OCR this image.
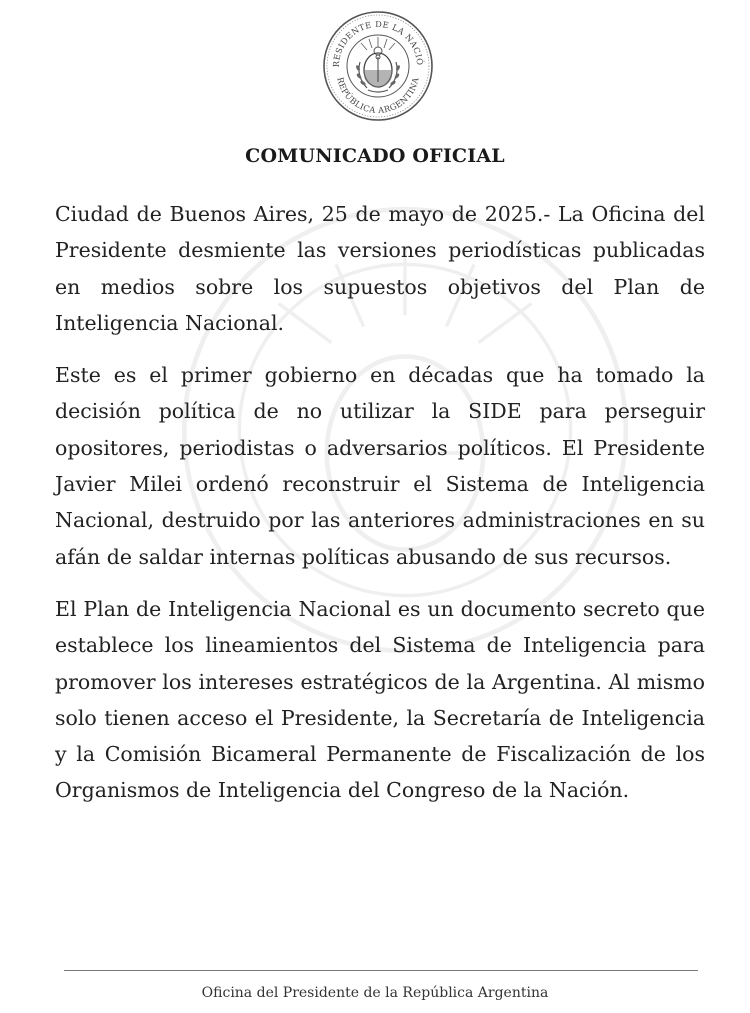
RESIDENTE DE LA NACIÓ
REPÚBLICA ARGENTINA
COMUNICADO OFICIAL

Ciudad de Buenos Aires, 25 de mayo de 2025.- La Oficina del Presidente desmiente las versiones periodísticas publicadas en medios sobre los supuestos objetivos del Plan de Inteligencia Nacional.

Este es el primer gobierno en décadas que ha tomado la decisión política de no utilizar la SIDE para perseguir opositores, periodistas o adversarios políticos. El Presidente Javier Milei ordenó reconstruir el Sistema de Inteligencia Nacional, destruido por las anteriores administraciones en su afán de saldar internas políticas abusando de sus recursos.

El Plan de Inteligencia Nacional es un documento secreto que establece los lineamientos del Sistema de Inteligencia para promover los intereses estratégicos de la Argentina. Al mismo solo tienen acceso el Presidente, la Secretaría de Inteligencia y la Comisión Bicameral Permanente de Fiscalización de los Organismos de Inteligencia del Congreso de la Nación.

Oficina del Presidente de la República Argentina
